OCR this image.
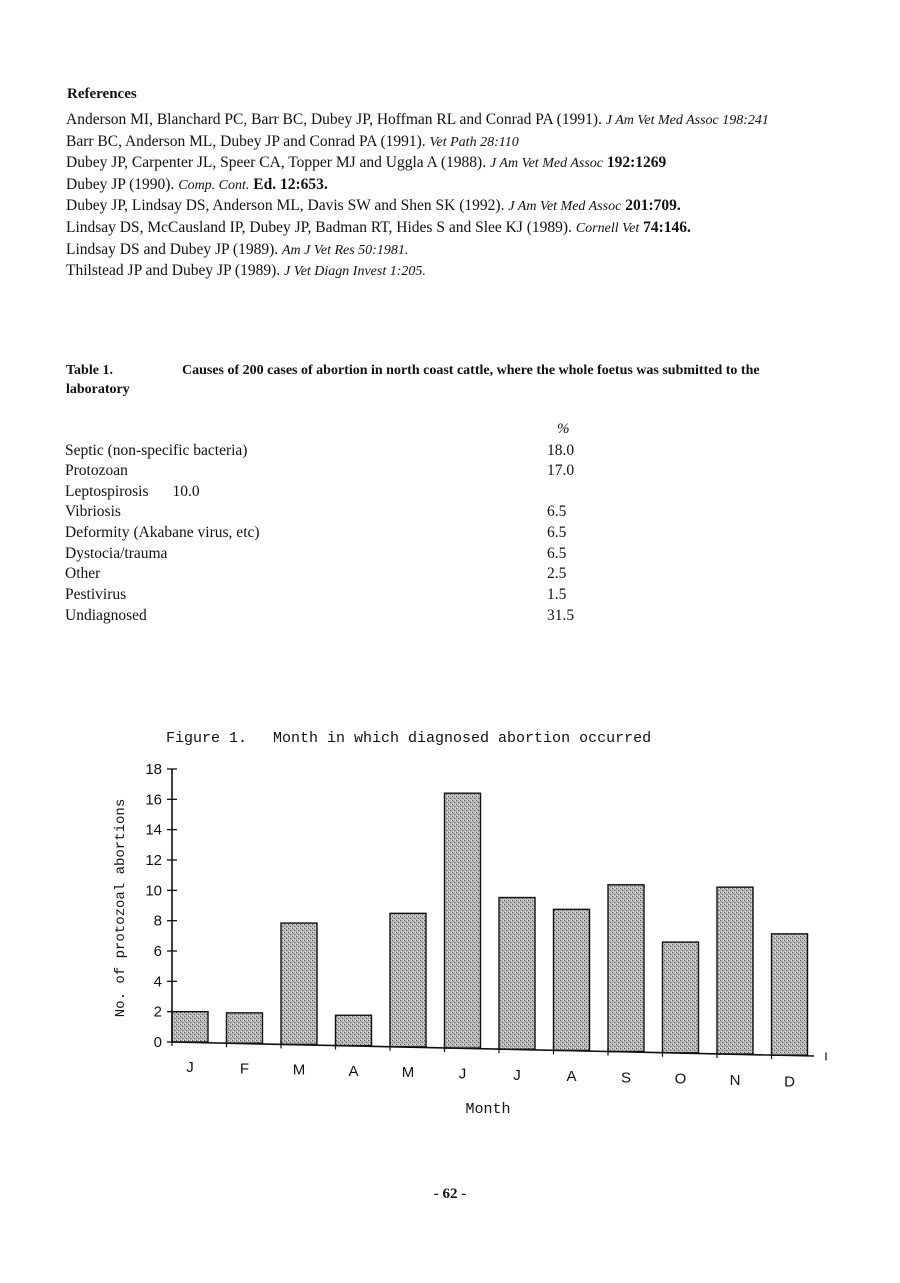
References
Anderson MI, Blanchard PC, Barr BC, Dubey JP, Hoffman RL and Conrad PA (1991). J Am Vet Med Assoc 198:241
Barr BC, Anderson ML, Dubey JP and Conrad PA (1991). Vet Path 28:110
Dubey JP, Carpenter JL, Speer CA, Topper MJ and Uggla A (1988). J Am Vet Med Assoc 192:1269
Dubey JP (1990). Comp. Cont. Ed. 12:653.
Dubey JP, Lindsay DS, Anderson ML, Davis SW and Shen SK (1992). J Am Vet Med Assoc 201:709.
Lindsay DS, McCausland IP, Dubey JP, Badman RT, Hides S and Slee KJ (1989). Cornell Vet 74:146.
Lindsay DS and Dubey JP (1989). Am J Vet Res 50:1981.
Thilstead JP and Dubey JP (1989). J Vet Diagn Invest 1:205.
Table 1.	Causes of 200 cases of abortion in north coast cattle, where the whole foetus was submitted to the laboratory
%
Septic (non-specific bacteria)	18.0
Protozoan	17.0
Leptospirosis 10.0
Vibriosis	6.5
Deformity (Akabane virus, etc)	6.5
Dystocia/trauma	6.5
Other	2.5
Pestivirus	1.5
Undiagnosed	31.5
Figure 1. Month in which diagnosed abortion occurred
0
2
4
6
8
10
12
14
16
18
J	F	M	A	M	J	J	A	S	O	N	D
Month
No. of protozoal abortions
- 62 -
